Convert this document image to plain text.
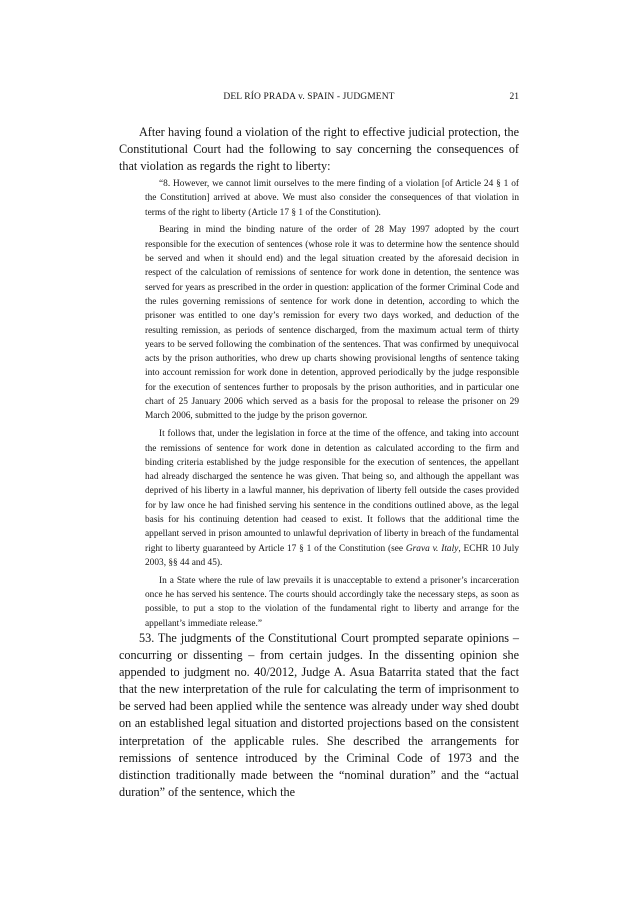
DEL RÍO PRADA v. SPAIN - JUDGMENT	21

After having found a violation of the right to effective judicial protection, the Constitutional Court had the following to say concerning the consequences of that violation as regards the right to liberty:

“8. However, we cannot limit ourselves to the mere finding of a violation [of Article 24 § 1 of the Constitution] arrived at above. We must also consider the consequences of that violation in terms of the right to liberty (Article 17 § 1 of the Constitution).

Bearing in mind the binding nature of the order of 28 May 1997 adopted by the court responsible for the execution of sentences (whose role it was to determine how the sentence should be served and when it should end) and the legal situation created by the aforesaid decision in respect of the calculation of remissions of sentence for work done in detention, the sentence was served for years as prescribed in the order in question: application of the former Criminal Code and the rules governing remissions of sentence for work done in detention, according to which the prisoner was entitled to one day’s remission for every two days worked, and deduction of the resulting remission, as periods of sentence discharged, from the maximum actual term of thirty years to be served following the combination of the sentences. That was confirmed by unequivocal acts by the prison authorities, who drew up charts showing provisional lengths of sentence taking into account remission for work done in detention, approved periodically by the judge responsible for the execution of sentences further to proposals by the prison authorities, and in particular one chart of 25 January 2006 which served as a basis for the proposal to release the prisoner on 29 March 2006, submitted to the judge by the prison governor.

It follows that, under the legislation in force at the time of the offence, and taking into account the remissions of sentence for work done in detention as calculated according to the firm and binding criteria established by the judge responsible for the execution of sentences, the appellant had already discharged the sentence he was given. That being so, and although the appellant was deprived of his liberty in a lawful manner, his deprivation of liberty fell outside the cases provided for by law once he had finished serving his sentence in the conditions outlined above, as the legal basis for his continuing detention had ceased to exist. It follows that the additional time the appellant served in prison amounted to unlawful deprivation of liberty in breach of the fundamental right to liberty guaranteed by Article 17 § 1 of the Constitution (see Grava v. Italy, ECHR 10 July 2003, §§ 44 and 45).

In a State where the rule of law prevails it is unacceptable to extend a prisoner’s incarceration once he has served his sentence. The courts should accordingly take the necessary steps, as soon as possible, to put a stop to the violation of the fundamental right to liberty and arrange for the appellant’s immediate release.”

53. The judgments of the Constitutional Court prompted separate opinions – concurring or dissenting – from certain judges. In the dissenting opinion she appended to judgment no. 40/2012, Judge A. Asua Batarrita stated that the fact that the new interpretation of the rule for calculating the term of imprisonment to be served had been applied while the sentence was already under way shed doubt on an established legal situation and distorted projections based on the consistent interpretation of the applicable rules. She described the arrangements for remissions of sentence introduced by the Criminal Code of 1973 and the distinction traditionally made between the “nominal duration” and the “actual duration” of the sentence, which the
